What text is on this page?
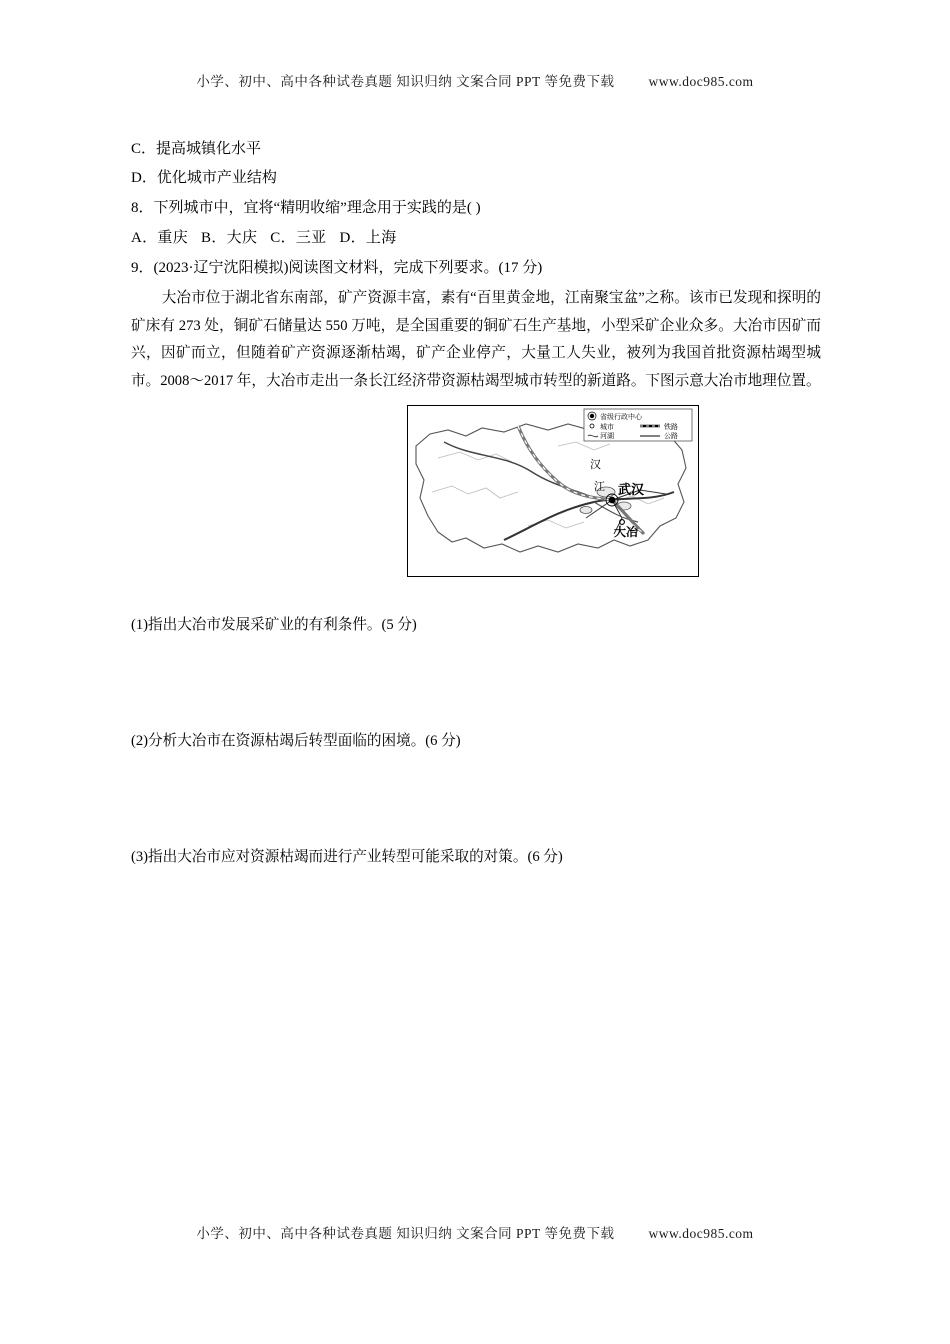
小学、初中、高中各种试卷真题 知识归纳 文案合同 PPT 等免费下载	www.doc985.com
C．提高城镇化水平
D．优化城市产业结构
8．下列城市中，宜将“精明收缩”理念用于实践的是( )
A．重庆 B．大庆 C．三亚 D．上海
9．(2023·辽宁沈阳模拟)阅读图文材料，完成下列要求。(17 分)
大冶市位于湖北省东南部，矿产资源丰富，素有“百里黄金地，江南聚宝盆”之称。该市已发现和探明的矿床有 273 处，铜矿石储量达 550 万吨，是全国重要的铜矿石生产基地，小型采矿企业众多。大冶市因矿而兴，因矿而立，但随着矿产资源逐渐枯竭，矿产企业停产，大量工人失业，被列为我国首批资源枯竭型城市。2008～2017 年，大冶市走出一条长江经济带资源枯竭型城市转型的新道路。下图示意大冶市地理位置。
汉
江 武汉
大冶
省级行政中心
城市
河湖
铁路
公路
(1)指出大冶市发展采矿业的有利条件。(5 分)
(2)分析大冶市在资源枯竭后转型面临的困境。(6 分)
(3)指出大冶市应对资源枯竭而进行产业转型可能采取的对策。(6 分)
小学、初中、高中各种试卷真题 知识归纳 文案合同 PPT 等免费下载	www.doc985.com
